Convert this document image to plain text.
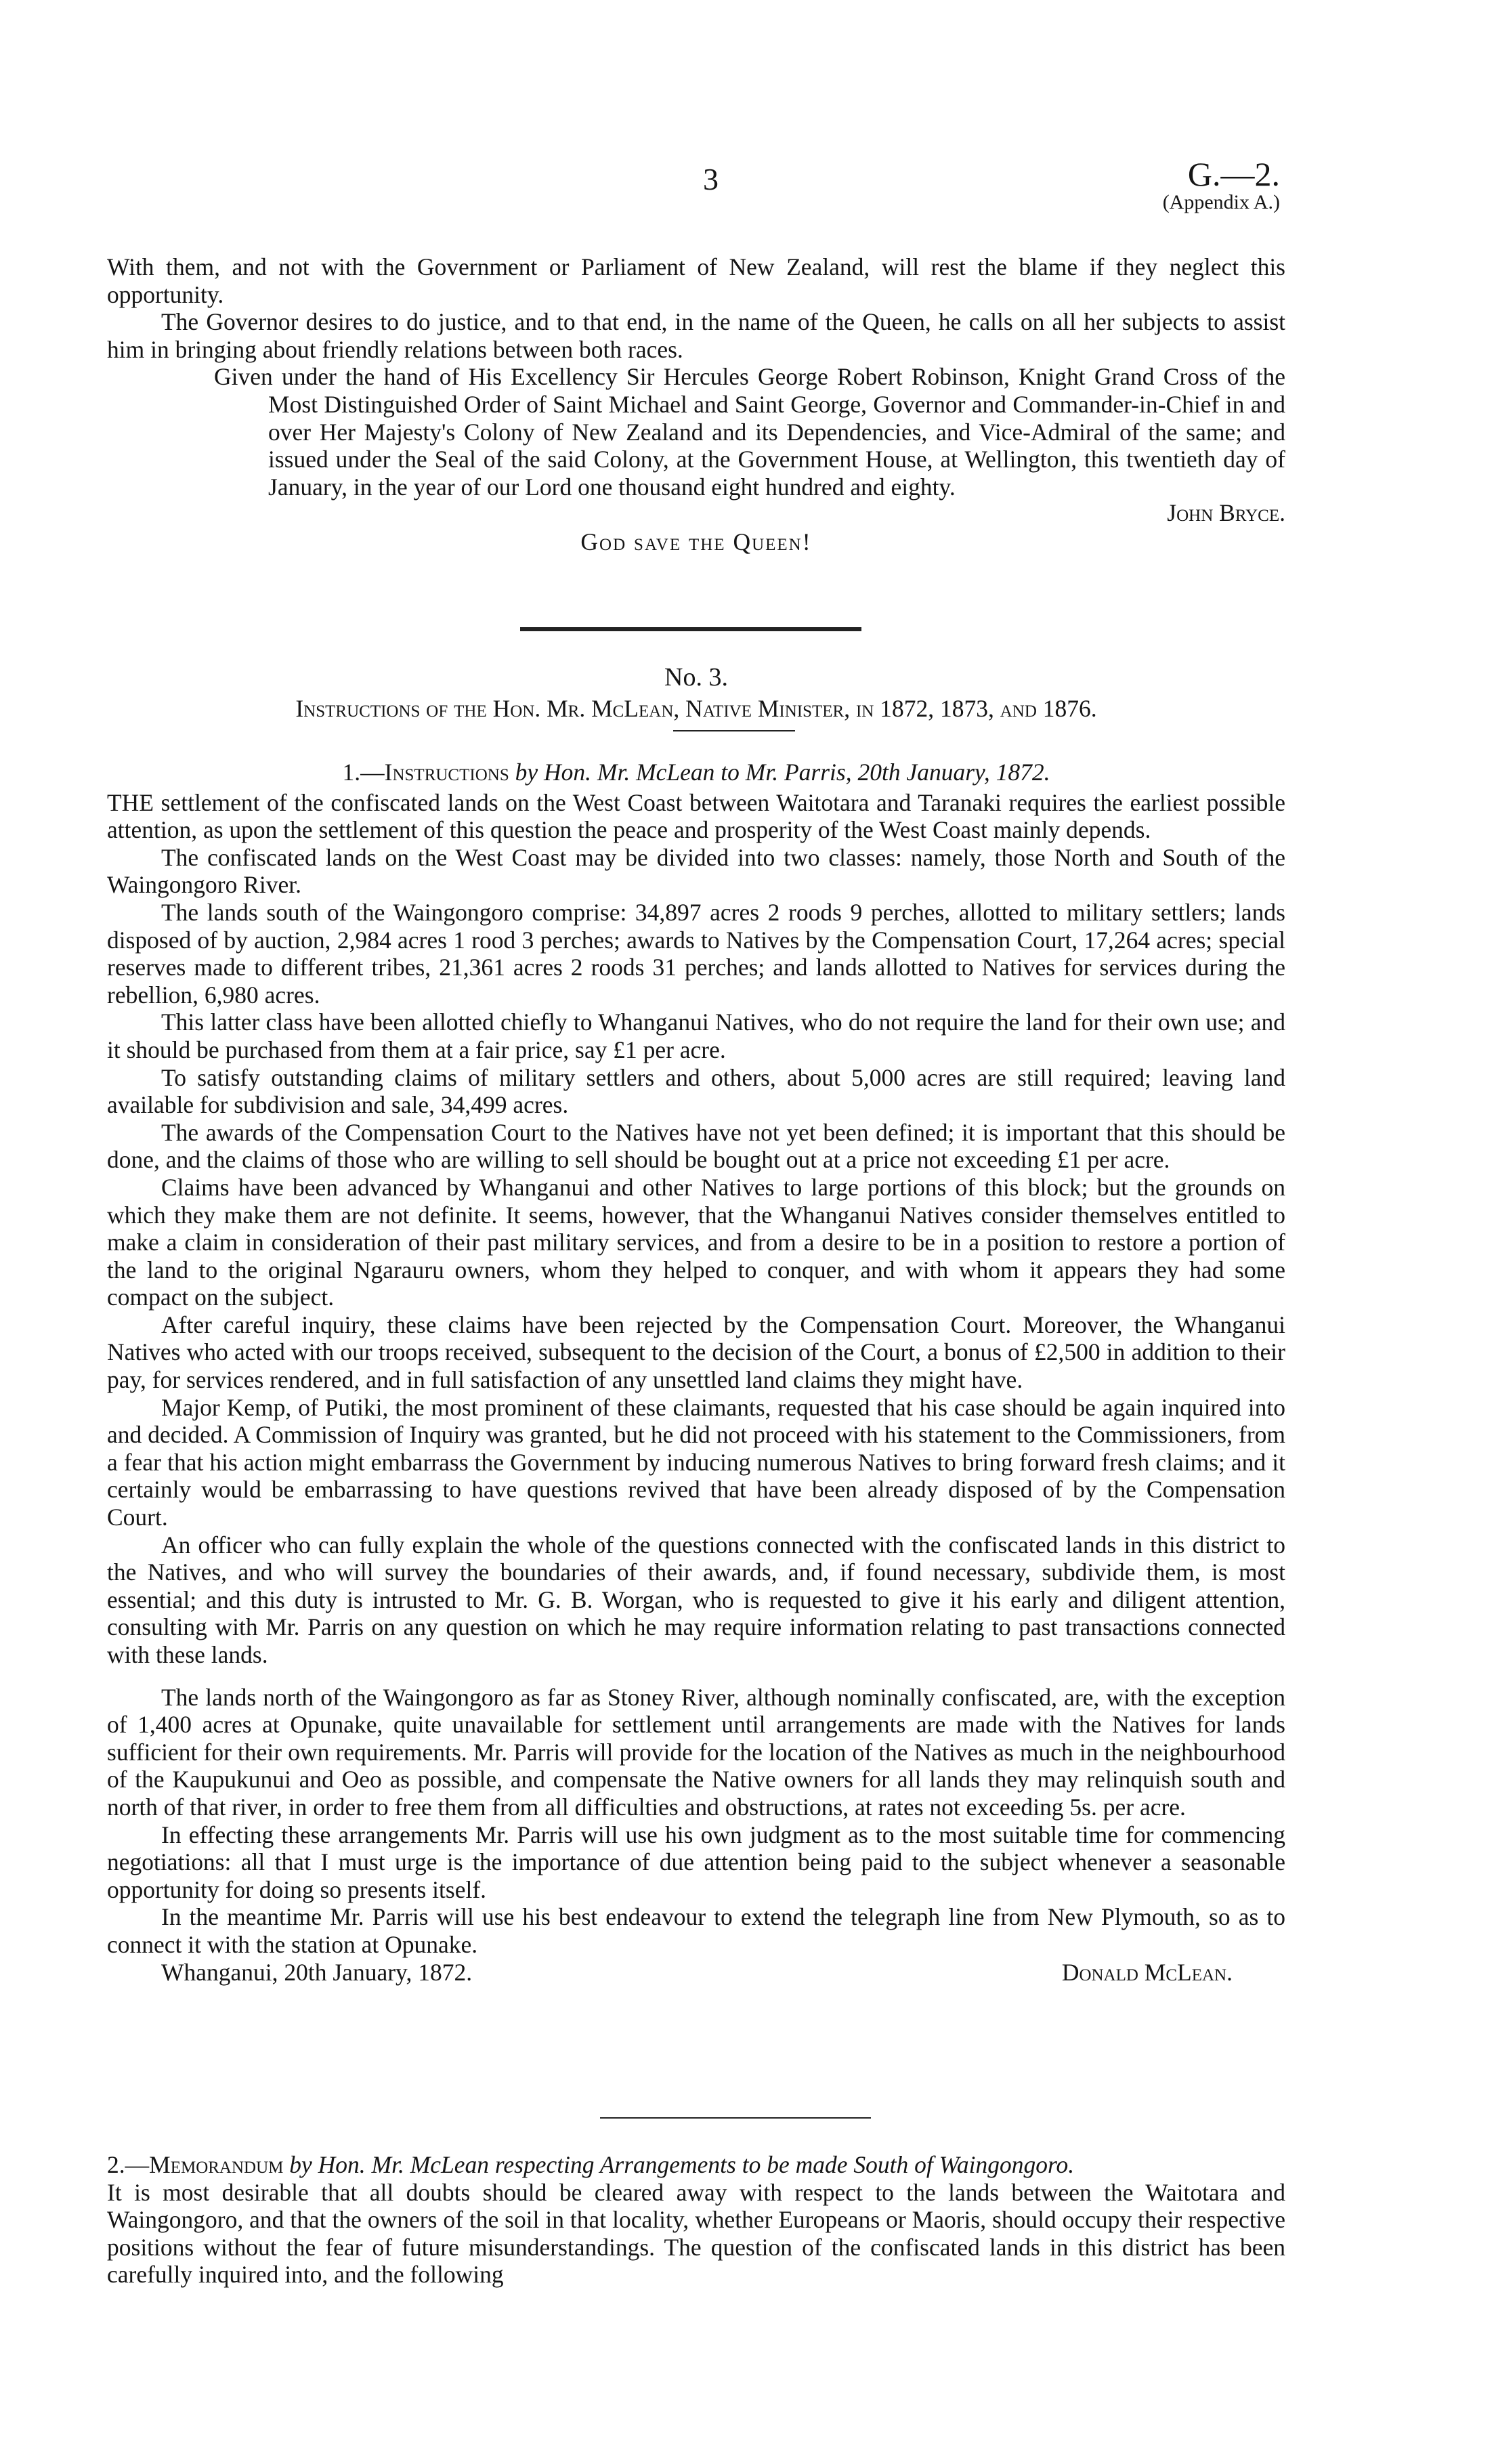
3	G.—2.
(Appendix A.)

With them, and not with the Government or Parliament of New Zealand, will rest the blame if they neglect this opportunity.

The Governor desires to do justice, and to that end, in the name of the Queen, he calls on all her subjects to assist him in bringing about friendly relations between both races.

Given under the hand of His Excellency Sir Hercules George Robert Robinson, Knight Grand Cross of the Most Distinguished Order of Saint Michael and Saint George, Governor and Commander-in-Chief in and over Her Majesty's Colony of New Zealand and its Dependencies, and Vice-Admiral of the same; and issued under the Seal of the said Colony, at the Government House, at Wellington, this twentieth day of January, in the year of our Lord one thousand eight hundred and eighty.

John Bryce.
God save the Queen!
No. 3.
Instructions of the Hon. Mr. McLean, Native Minister, in 1872, 1873, and 1876.
1.—Instructions by Hon. Mr. McLean to Mr. Parris, 20th January, 1872.

THE settlement of the confiscated lands on the West Coast between Waitotara and Taranaki requires the earliest possible attention, as upon the settlement of this question the peace and prosperity of the West Coast mainly depends.

The confiscated lands on the West Coast may be divided into two classes: namely, those North and South of the Waingongoro River.

The lands south of the Waingongoro comprise: 34,897 acres 2 roods 9 perches, allotted to military settlers; lands disposed of by auction, 2,984 acres 1 rood 3 perches; awards to Natives by the Compensation Court, 17,264 acres; special reserves made to different tribes, 21,361 acres 2 roods 31 perches; and lands allotted to Natives for services during the rebellion, 6,980 acres.

This latter class have been allotted chiefly to Whanganui Natives, who do not require the land for their own use; and it should be purchased from them at a fair price, say £1 per acre.

To satisfy outstanding claims of military settlers and others, about 5,000 acres are still required; leaving land available for subdivision and sale, 34,499 acres.

The awards of the Compensation Court to the Natives have not yet been defined; it is important that this should be done, and the claims of those who are willing to sell should be bought out at a price not exceeding £1 per acre.

Claims have been advanced by Whanganui and other Natives to large portions of this block; but the grounds on which they make them are not definite. It seems, however, that the Whanganui Natives consider themselves entitled to make a claim in consideration of their past military services, and from a desire to be in a position to restore a portion of the land to the original Ngarauru owners, whom they helped to conquer, and with whom it appears they had some compact on the subject.

After careful inquiry, these claims have been rejected by the Compensation Court. Moreover, the Whanganui Natives who acted with our troops received, subsequent to the decision of the Court, a bonus of £2,500 in addition to their pay, for services rendered, and in full satisfaction of any unsettled land claims they might have.

Major Kemp, of Putiki, the most prominent of these claimants, requested that his case should be again inquired into and decided. A Commission of Inquiry was granted, but he did not proceed with his statement to the Commissioners, from a fear that his action might embarrass the Government by inducing numerous Natives to bring forward fresh claims; and it certainly would be embarrassing to have questions revived that have been already disposed of by the Compensation Court.

An officer who can fully explain the whole of the questions connected with the confiscated lands in this district to the Natives, and who will survey the boundaries of their awards, and, if found necessary, subdivide them, is most essential; and this duty is intrusted to Mr. G. B. Worgan, who is requested to give it his early and diligent attention, consulting with Mr. Parris on any question on which he may require information relating to past transactions connected with these lands.

The lands north of the Waingongoro as far as Stoney River, although nominally confiscated, are, with the exception of 1,400 acres at Opunake, quite unavailable for settlement until arrangements are made with the Natives for lands sufficient for their own requirements. Mr. Parris will provide for the location of the Natives as much in the neighbourhood of the Kaupukunui and Oeo as possible, and compensate the Native owners for all lands they may relinquish south and north of that river, in order to free them from all difficulties and obstructions, at rates not exceeding 5s. per acre.

In effecting these arrangements Mr. Parris will use his own judgment as to the most suitable time for commencing negotiations: all that I must urge is the importance of due attention being paid to the subject whenever a seasonable opportunity for doing so presents itself.

In the meantime Mr. Parris will use his best endeavour to extend the telegraph line from New Plymouth, so as to connect it with the station at Opunake.

Whanganui, 20th January, 1872.	Donald McLean.
2.—Memorandum by Hon. Mr. McLean respecting Arrangements to be made South of Waingongoro.

It is most desirable that all doubts should be cleared away with respect to the lands between the Waitotara and Waingongoro, and that the owners of the soil in that locality, whether Europeans or Maoris, should occupy their respective positions without the fear of future misunderstandings. The question of the confiscated lands in this district has been carefully inquired into, and the following
